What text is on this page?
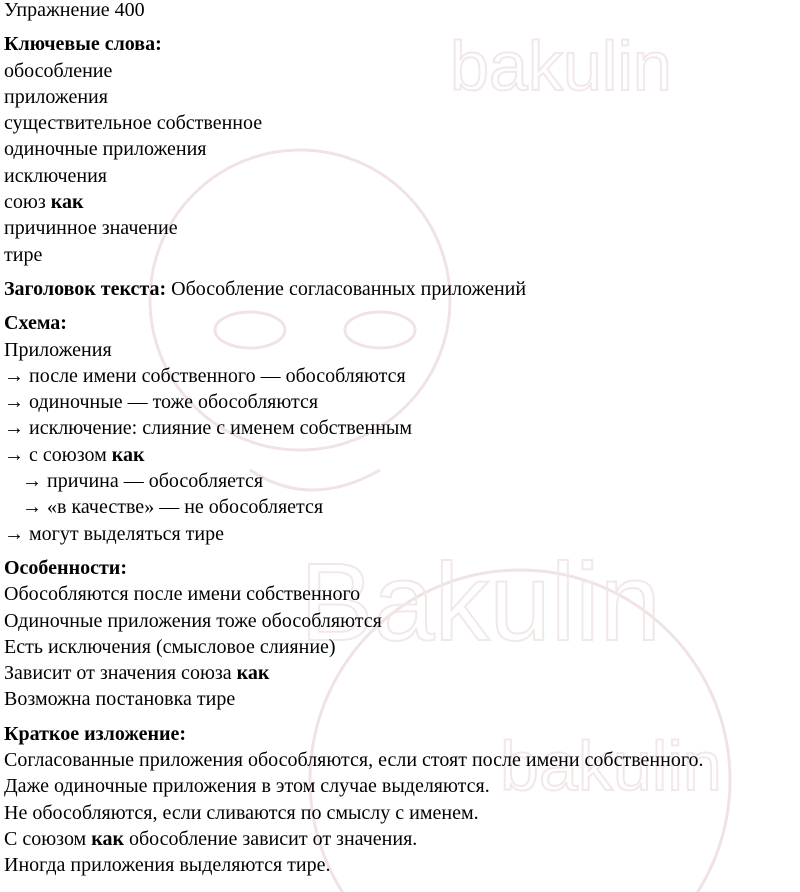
bakulin
Bakulin
bakulin
Упражнение 400
Ключевые слова:
обособление
приложения
существительное собственное
одиночные приложения
исключения
союз как
причинное значение
тире
Заголовок текста: Обособление согласованных приложений
Схема:
Приложения
→ после имени собственного — обособляются
→ одиночные — тоже обособляются
→ исключение: слияние с именем собственным
→ с союзом как
→ причина — обособляется
→ «в качестве» — не обособляется
→ могут выделяться тире
Особенности:
Обособляются после имени собственного
Одиночные приложения тоже обособляются
Есть исключения (смысловое слияние)
Зависит от значения союза как
Возможна постановка тире
Краткое изложение:
Согласованные приложения обособляются, если стоят после имени собственного.
Даже одиночные приложения в этом случае выделяются.
Не обособляются, если сливаются по смыслу с именем.
С союзом как обособление зависит от значения.
Иногда приложения выделяются тире.
